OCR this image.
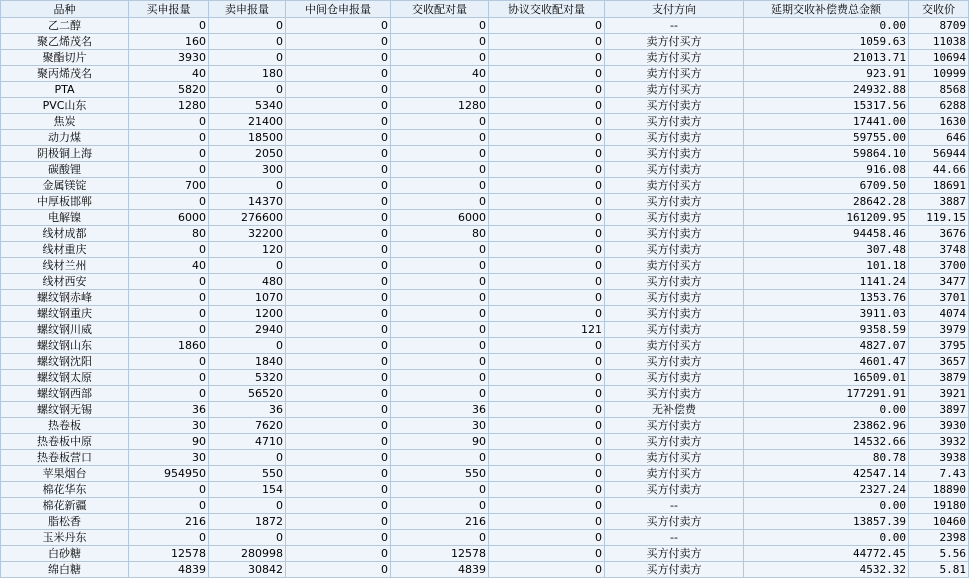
品种	买申报量	卖申报量	中间仓申报量	交收配对量	协议交收配对量	支付方向	延期交收补偿费总金额	交收价
乙二醇	0	0	0	0	0	--	0.00	8709
聚乙烯茂名	160	0	0	0	0	卖方付买方	1059.63	11038
聚酯切片	3930	0	0	0	0	卖方付买方	21013.71	10694
聚丙烯茂名	40	180	0	40	0	卖方付买方	923.91	10999
PTA	5820	0	0	0	0	卖方付买方	24932.88	8568
PVC山东	1280	5340	0	1280	0	买方付卖方	15317.56	6288
焦炭	0	21400	0	0	0	买方付卖方	17441.00	1630
动力煤	0	18500	0	0	0	买方付卖方	59755.00	646
阴极铜上海	0	2050	0	0	0	买方付卖方	59864.10	56944
碳酸锂	0	300	0	0	0	买方付卖方	916.08	44.66
金属镁锭	700	0	0	0	0	卖方付买方	6709.50	18691
中厚板邯郸	0	14370	0	0	0	买方付卖方	28642.28	3887
电解镍	6000	276600	0	6000	0	买方付卖方	161209.95	119.15
线材成都	80	32200	0	80	0	买方付卖方	94458.46	3676
线材重庆	0	120	0	0	0	买方付卖方	307.48	3748
线材兰州	40	0	0	0	0	卖方付买方	101.18	3700
线材西安	0	480	0	0	0	买方付卖方	1141.24	3477
螺纹钢赤峰	0	1070	0	0	0	买方付卖方	1353.76	3701
螺纹钢重庆	0	1200	0	0	0	买方付卖方	3911.03	4074
螺纹钢川威	0	2940	0	0	121	买方付卖方	9358.59	3979
螺纹钢山东	1860	0	0	0	0	卖方付买方	4827.07	3795
螺纹钢沈阳	0	1840	0	0	0	买方付卖方	4601.47	3657
螺纹钢太原	0	5320	0	0	0	买方付卖方	16509.01	3879
螺纹钢西部	0	56520	0	0	0	买方付卖方	177291.91	3921
螺纹钢无锡	36	36	0	36	0	无补偿费	0.00	3897
热卷板	30	7620	0	30	0	买方付卖方	23862.96	3930
热卷板中原	90	4710	0	90	0	买方付卖方	14532.66	3932
热卷板营口	30	0	0	0	0	卖方付买方	80.78	3938
苹果烟台	954950	550	0	550	0	卖方付买方	42547.14	7.43
棉花华东	0	154	0	0	0	买方付卖方	2327.24	18890
棉花新疆	0	0	0	0	0	--	0.00	19180
脂松香	216	1872	0	216	0	买方付卖方	13857.39	10460
玉米丹东	0	0	0	0	0	--	0.00	2398
白砂糖	12578	280998	0	12578	0	买方付卖方	44772.45	5.56
绵白糖	4839	30842	0	4839	0	买方付卖方	4532.32	5.81
